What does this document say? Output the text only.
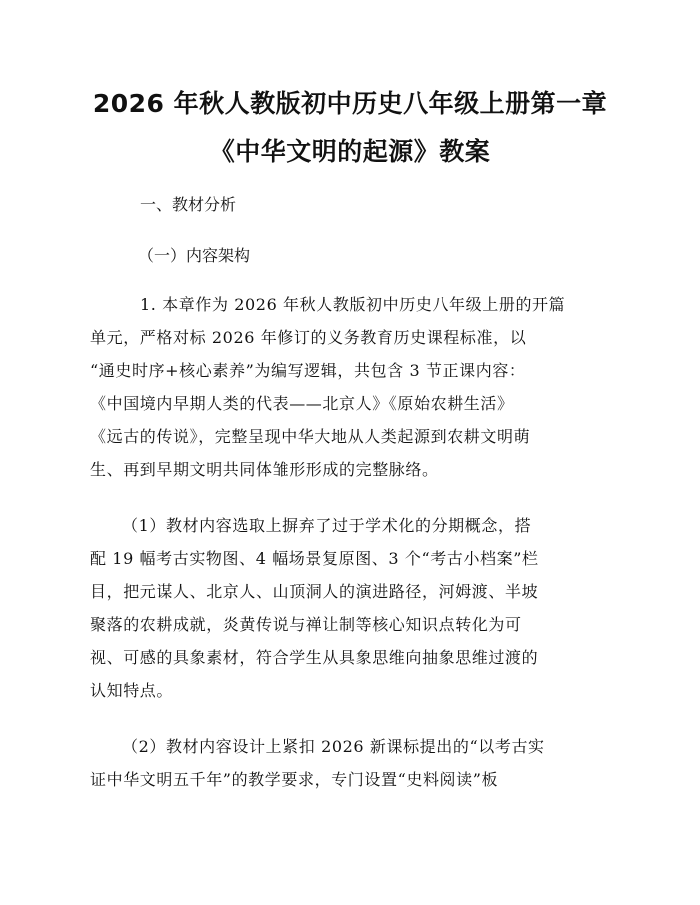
2026 年秋人教版初中历史八年级上册第一章
《中华文明的起源》教案
一、教材分析
（一）内容架构
1. 本章作为 2026 年秋人教版初中历史八年级上册的开篇
单元，严格对标 2026 年修订的义务教育历史课程标准，以
“通史时序+核心素养”为编写逻辑，共包含 3 节正课内容：
《中国境内早期人类的代表——北京人》《原始农耕生活》
《远古的传说》，完整呈现中华大地从人类起源到农耕文明萌
生、再到早期文明共同体雏形形成的完整脉络。
（1）教材内容选取上摒弃了过于学术化的分期概念，搭
配 19 幅考古实物图、4 幅场景复原图、3 个“考古小档案”栏
目，把元谋人、北京人、山顶洞人的演进路径，河姆渡、半坡
聚落的农耕成就，炎黄传说与禅让制等核心知识点转化为可
视、可感的具象素材，符合学生从具象思维向抽象思维过渡的
认知特点。
（2）教材内容设计上紧扣 2026 新课标提出的“以考古实
证中华文明五千年”的教学要求，专门设置“史料阅读”板
